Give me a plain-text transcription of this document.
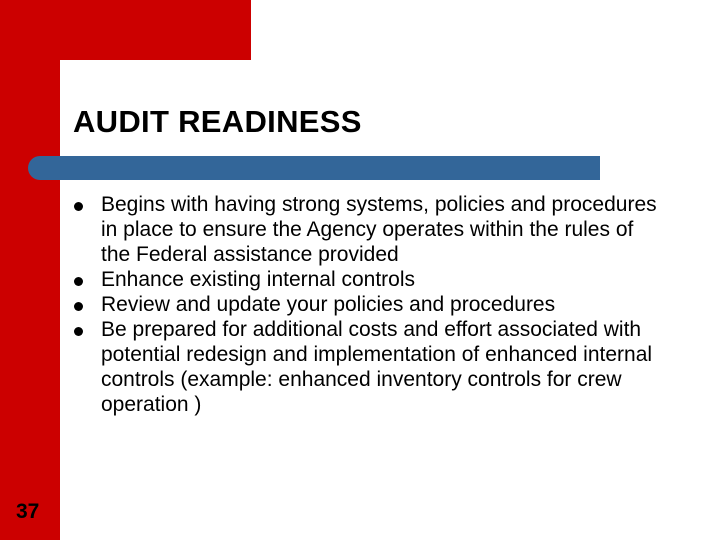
AUDIT READINESS
Begins with having strong systems, policies and procedures in place to ensure the Agency operates within the rules of the Federal assistance provided
Enhance existing internal controls
Review and update your policies and procedures
Be prepared for additional costs and effort associated with potential redesign and implementation of enhanced internal controls (example: enhanced inventory controls for crew operation )
37
